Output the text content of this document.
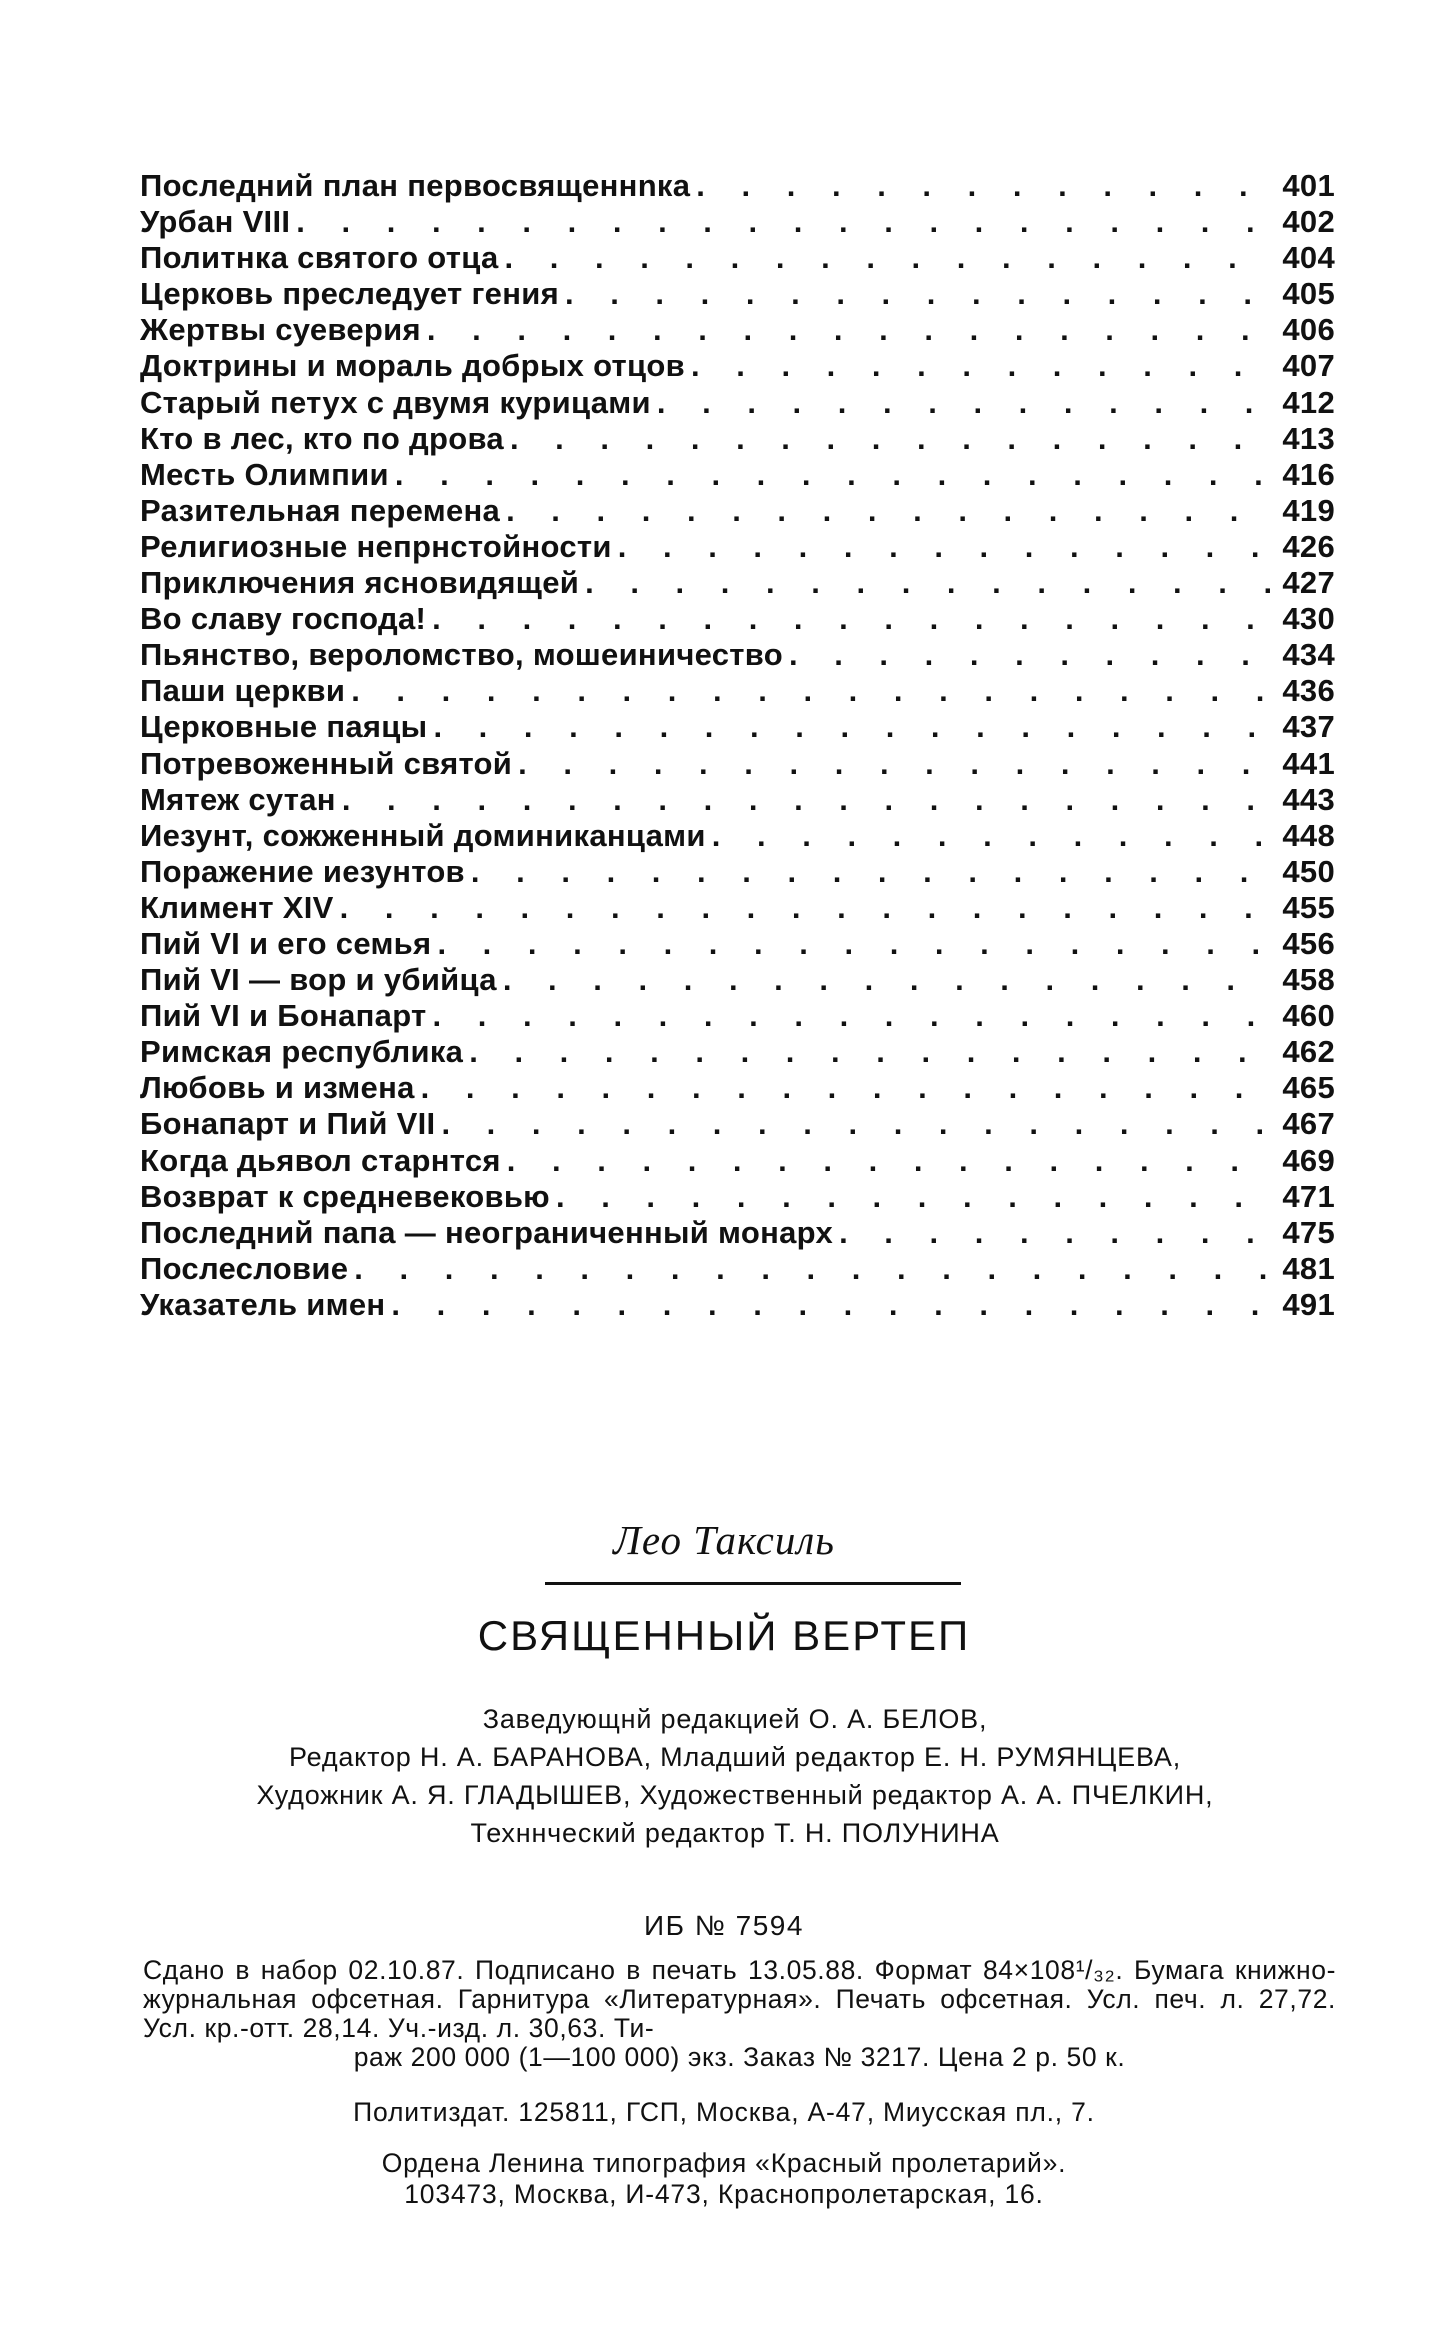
Последний план первосвященнnка . . .	401
Урбан VIII . . .	402
Политнка святого отца . . .	404
Церковь преследует гения . . .	405
Жертвы суеверия . . .	406
Доктрины и мораль добрых отцов . . .	407
Старый петух с двумя курицами . . .	412
Кто в лес, кто по дрова . . .	413
Месть Олимпии . . .	416
Разительная перемена . . .	419
Религиозные непрнстойности . . .	426
Приключения ясновидящей . . .	427
Во славу господа! . . .	430
Пьянство, вероломство, мошеиничество . . .	434
Паши церкви . . .	436
Церковные паяцы . . .	437
Потревоженный святой . . .	441
Мятеж сутан . . .	443
Иезунт, сожженный доминиканцами . . .	448
Поражение иезунтов . . .	450
Климент XIV . . .	455
Пий VI и его семья . . .	456
Пий VI — вор и убийца . . .	458
Пий VI и Бонапарт . . .	460
Римская республика . . .	462
Любовь и измена . . .	465
Бонапарт и Пий VII . . .	467
Когда дьявол старнтся . . .	469
Возврат к средневековью . . .	471
Последний папа — неограниченный монарх . . .	475
Послесловие . . .	481
Указатель имен . . .	491
Лео Таксиль
СВЯЩЕННЫЙ ВЕРТЕП
Заведующнй редакцией О. А. БЕЛОВ,
Редактор Н. А. БАРАНОВА, Младший редактор Е. Н. РУМЯНЦЕВА,
Художник А. Я. ГЛАДЫШЕВ, Художественный редактор А. А. ПЧЕЛКИН,
Техннческий редактор Т. Н. ПОЛУНИНА
ИБ № 7594
Сдано в набор 02.10.87. Подписано в печать 13.05.88. Формат 84×108¹/₃₂. Бумага книжно-журнальная офсетная. Гарнитура «Литературная». Печать офсетная. Усл. печ. л. 27,72. Усл. кр.-отт. 28,14. Уч.-изд. л. 30,63. Ти-
раж 200 000 (1—100 000) экз. Заказ № 3217. Цена 2 р. 50 к.
Политиздат. 125811, ГСП, Москва, А-47, Миусская пл., 7.
Ордена Ленина типография «Красный пролетарий».
103473, Москва, И-473, Краснопролетарская, 16.
